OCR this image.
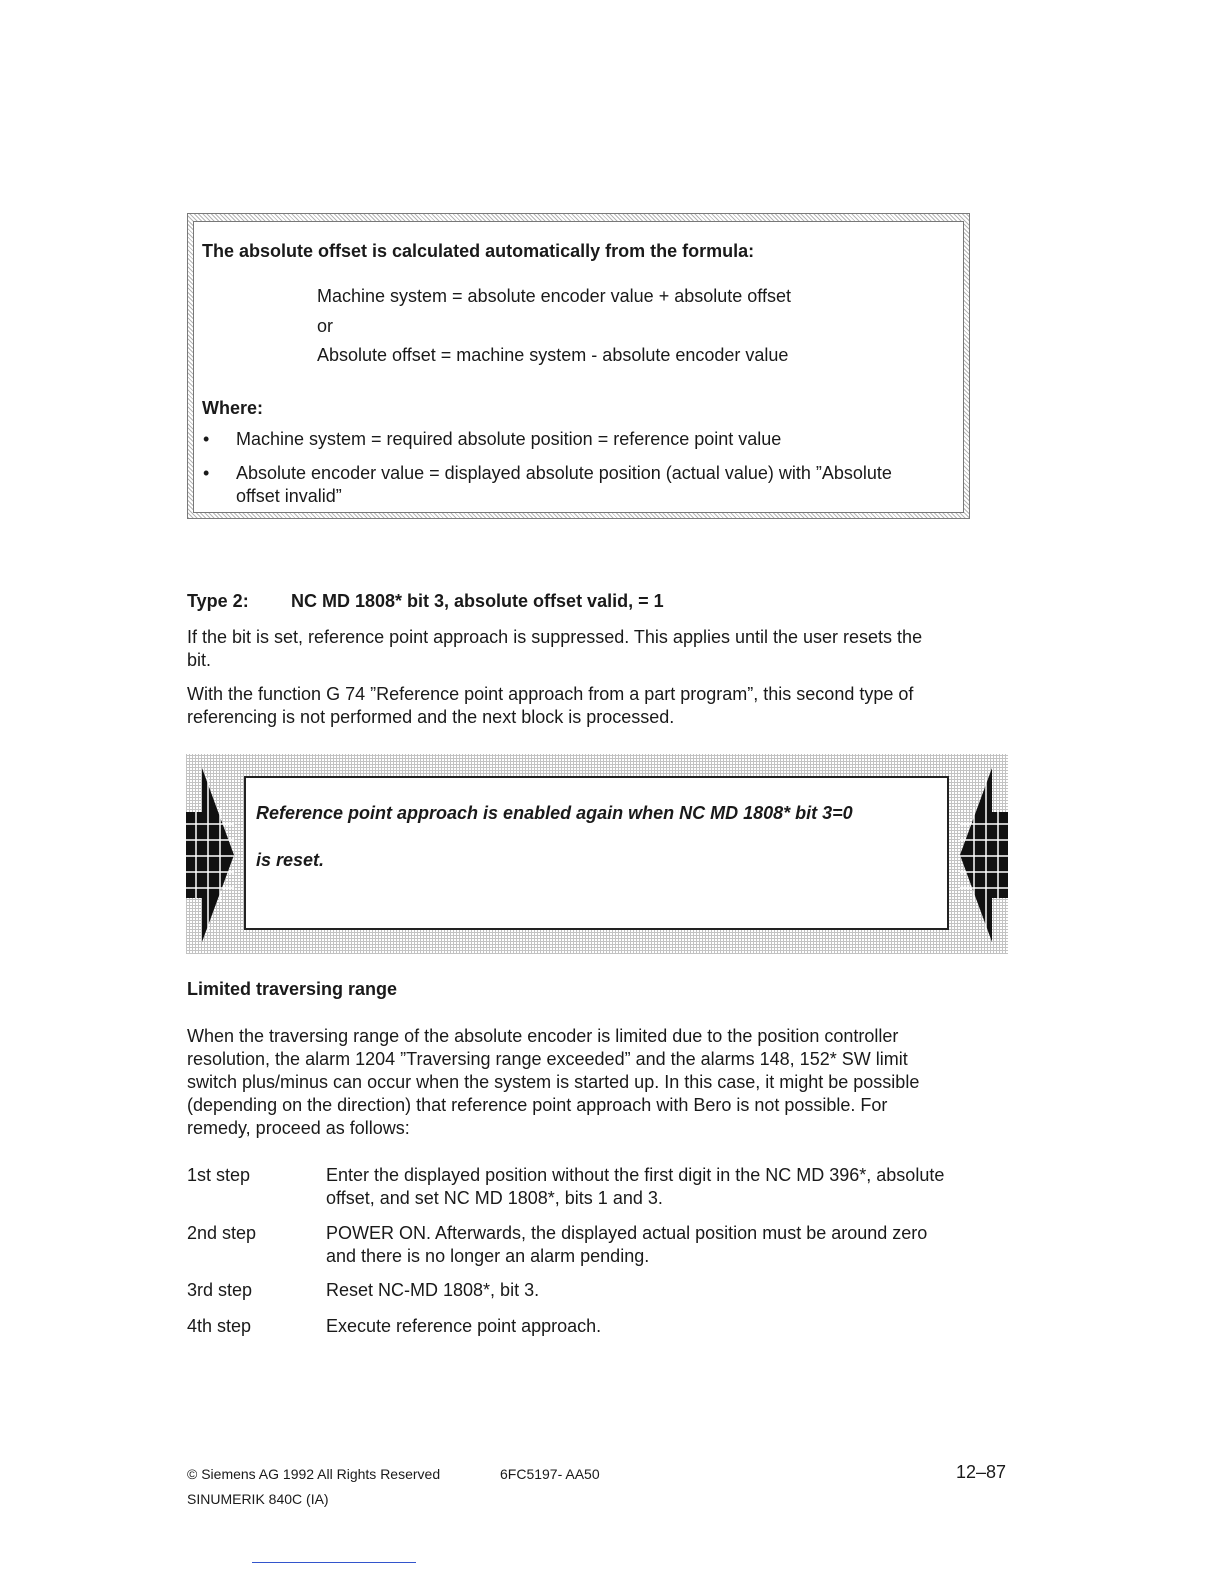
The absolute offset is calculated automatically from the formula:
Machine system = absolute encoder value + absolute offset
or
Absolute offset = machine system - absolute encoder value
Where:
• Machine system = required absolute position = reference point value
• Absolute encoder value = displayed absolute position (actual value) with ”Absolute
offset invalid”
Type 2: NC MD 1808* bit 3, absolute offset valid, = 1
If the bit is set, reference point approach is suppressed. This applies until the user resets the
bit.
With the function G 74 ”Reference point approach from a part program”, this second type of
referencing is not performed and the next block is processed.
Reference point approach is enabled again when NC MD 1808* bit 3=0
is reset.
Limited traversing range
When the traversing range of the absolute encoder is limited due to the position controller
resolution, the alarm 1204 ”Traversing range exceeded” and the alarms 148, 152* SW limit
switch plus/minus can occur when the system is started up. In this case, it might be possible
(depending on the direction) that reference point approach with Bero is not possible. For
remedy, proceed as follows:
1st step	Enter the displayed position without the first digit in the NC MD 396*, absolute
offset, and set NC MD 1808*, bits 1 and 3.
2nd step	POWER ON. Afterwards, the displayed actual position must be around zero
and there is no longer an alarm pending.
3rd step	Reset NC-MD 1808*, bit 3.
4th step	Execute reference point approach.
© Siemens AG 1992 All Rights Reserved	6FC5197- AA50	12–87
SINUMERIK 840C (IA)
